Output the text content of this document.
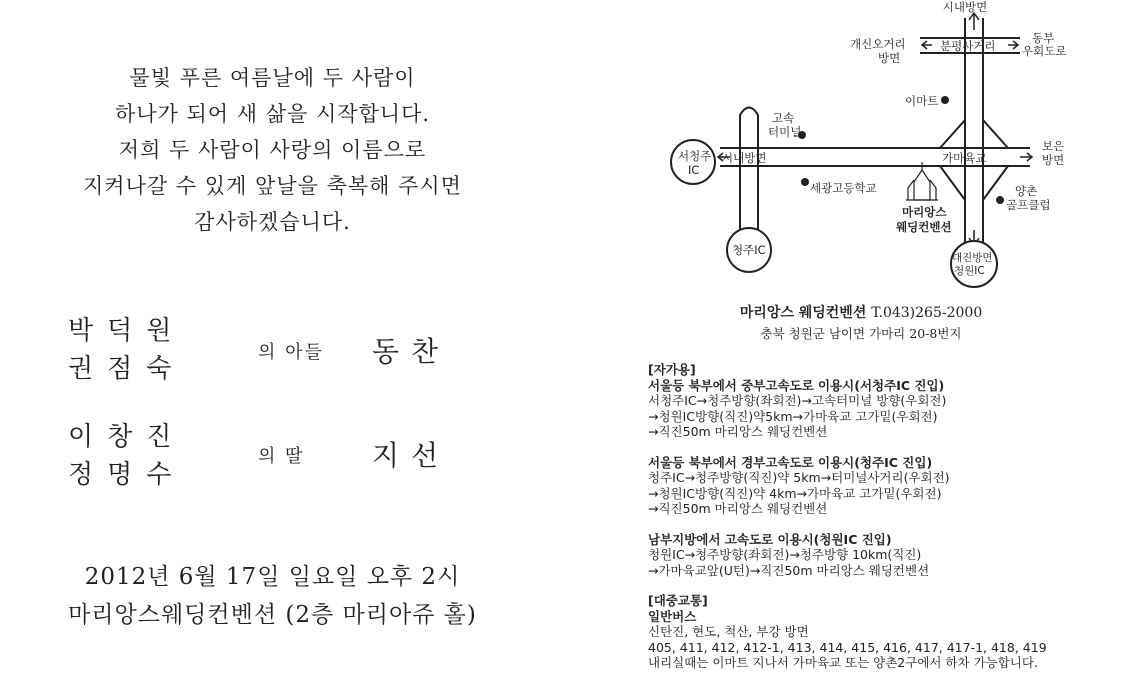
물빛 푸른 여름날에 두 사람이
하나가 되어 새 삶을 시작합니다.
저희 두 사람이 사랑의 이름으로
지켜나갈 수 있게 앞날을 축복해 주시면
감사하겠습니다.
박덕원
권점숙
의 아들 동찬
이창진
정명수
의 딸 지선
2012년 6월 17일 일요일 오후 2시
마리앙스웨딩컨벤션 (2층 마리아쥬 홀)
시내방면
개신오거리
방면
분평사거리
동부
우회도로
이마트
고속
터미널
서청주
IC
시내방면	가마육교
보은
방면
세광고등학교	양촌
골프클럽
마리앙스
웨딩컨벤션
청주IC
대진방면
청원IC
마리앙스 웨딩컨벤션 T.043)265-2000
충북 청원군 남이면 가마리 20-8번지
[자가용]
서울등 북부에서 중부고속도로 이용시(서청주IC 진입)
서청주IC→청주방향(좌회전)→고속터미널 방향(우회전)
→청원IC방향(직진)약5km→가마육교 고가밑(우회전)
→직진50m 마리앙스 웨딩컨벤션
서울등 북부에서 경부고속도로 이용시(청주IC 진입)
청주IC→청주방향(직진)약 5km→터미널사거리(우회전)
→청원IC방향(직진)약 4km→가마육교 고가밑(우회전)
→직진50m 마리앙스 웨딩컨벤션
남부지방에서 고속도로 이용시(청원IC 진입)
청원IC→청주방향(좌회전)→청주방향 10km(직진)
→가마육교앞(U턴)→직진50m 마리앙스 웨딩컨벤션
[대중교통]
일반버스
신탄진, 현도, 척산, 부강 방면
405, 411, 412, 412-1, 413, 414, 415, 416, 417, 417-1, 418, 419
내리실때는 이마트 지나서 가마육교 또는 양촌2구에서 하차 가능합니다.
